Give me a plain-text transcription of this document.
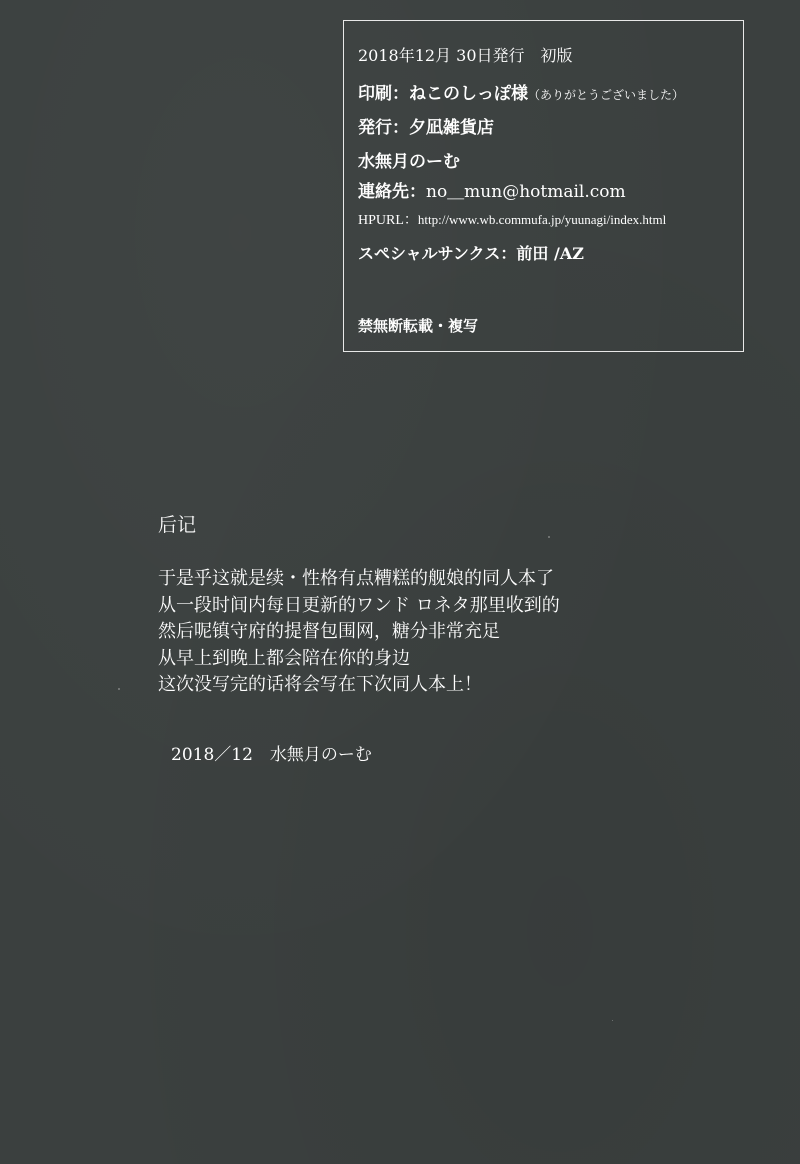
2018年12月 30日発行　初版
印刷：ねこのしっぽ様（ありがとうございました）
発行：夕凪雑貨店
水無月のーむ
連絡先：no＿mun@hotmail.com
HPURL：http://www.wb.commufa.jp/yuunagi/index.html
スペシャルサンクス：前田 /AZ
禁無断転載・複写
后记
于是乎这就是续・性格有点糟糕的舰娘的同人本了
从一段时间内每日更新的ワンド ロネタ那里收到的
然后呢镇守府的提督包围网，糖分非常充足
从早上到晚上都会陪在你的身边
这次没写完的话将会写在下次同人本上！
2018／12　水無月のーむ
